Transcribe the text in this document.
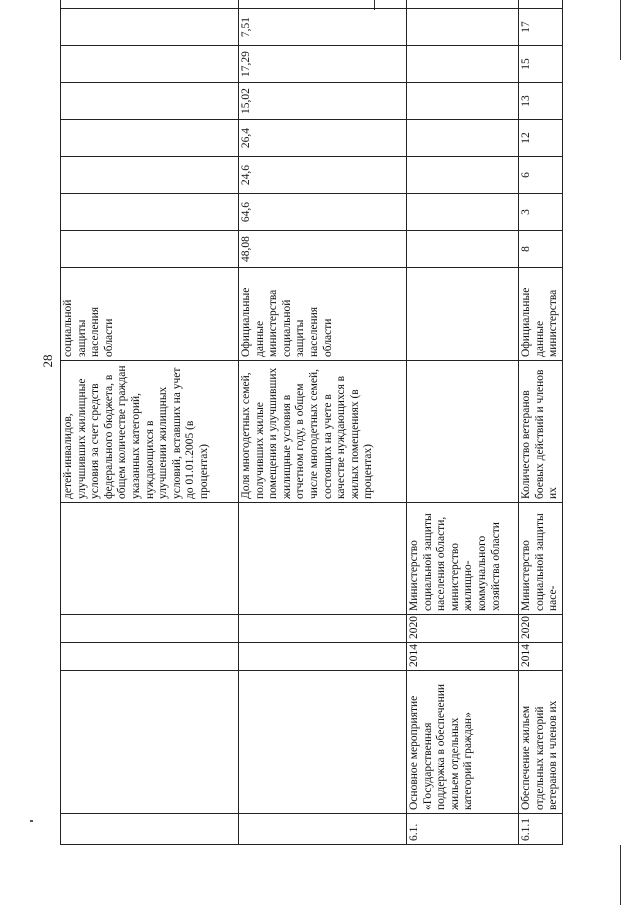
28
					детей-инвалидов, улучшивших жилищные условия за счет средств федерального бюджета, в общем количестве граждан указанных категорий, нуждающихся в улучшении жилищных условий, вставших на учет до 01.01.2005 (в процентах)	социальной защиты населения области								
					Доля многодетных семей, получивших жилые помещения и улучшивших жилищные условия в отчетном году, в общем числе многодетных семей, состоящих на учете в качестве нуждающихся в жилых помещениях (в процентах)	Официальные данные министерства социальной защиты населения области	48,08	64,6	24,6	26,4	15,02	17,29	7,51	
6.1.	Основное мероприятие «Государственная поддержка в обеспечении жильем отдельных категорий граждан»	2014	2020	Министерство социальной защиты населения области, министерство жилищно-коммунального хозяйства области										
6.1.1	Обеспечение жильем отдельных категорий ветеранов и членов их	2014	2020	Министерство социальной защиты насе-	Количество ветеранов боевых действий и членов их	Официальные данные министерства	8	3	6	12	13	15	17	
